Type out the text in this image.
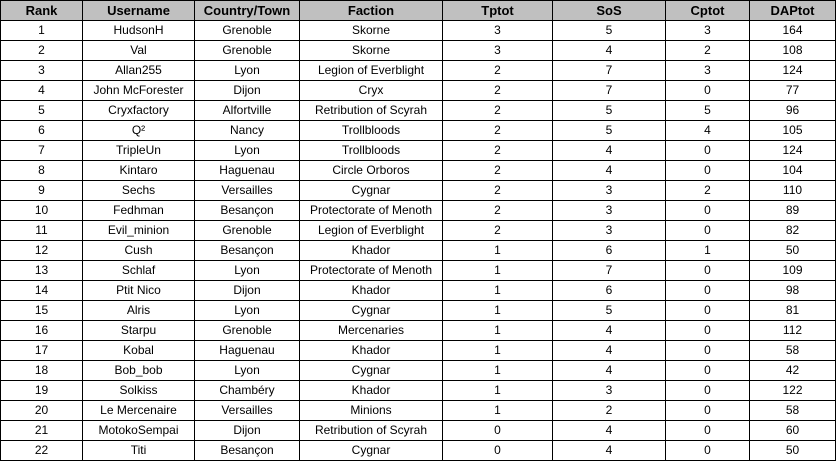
Rank	Username	Country/Town	Faction	Tptot	SoS	Cptot	DAPtot
1	HudsonH	Grenoble	Skorne	3	5	3	164
2	Val	Grenoble	Skorne	3	4	2	108
3	Allan255	Lyon	Legion of Everblight	2	7	3	124
4	John McForester	Dijon	Cryx	2	7	0	77
5	Cryxfactory	Alfortville	Retribution of Scyrah	2	5	5	96
6	Q²	Nancy	Trollbloods	2	5	4	105
7	TripleUn	Lyon	Trollbloods	2	4	0	124
8	Kintaro	Haguenau	Circle Orboros	2	4	0	104
9	Sechs	Versailles	Cygnar	2	3	2	110
10	Fedhman	Besançon	Protectorate of Menoth	2	3	0	89
11	Evil_minion	Grenoble	Legion of Everblight	2	3	0	82
12	Cush	Besançon	Khador	1	6	1	50
13	Schlaf	Lyon	Protectorate of Menoth	1	7	0	109
14	Ptit Nico	Dijon	Khador	1	6	0	98
15	Alris	Lyon	Cygnar	1	5	0	81
16	Starpu	Grenoble	Mercenaries	1	4	0	112
17	Kobal	Haguenau	Khador	1	4	0	58
18	Bob_bob	Lyon	Cygnar	1	4	0	42
19	Solkiss	Chambéry	Khador	1	3	0	122
20	Le Mercenaire	Versailles	Minions	1	2	0	58
21	MotokoSempai	Dijon	Retribution of Scyrah	0	4	0	60
22	Titi	Besançon	Cygnar	0	4	0	50
